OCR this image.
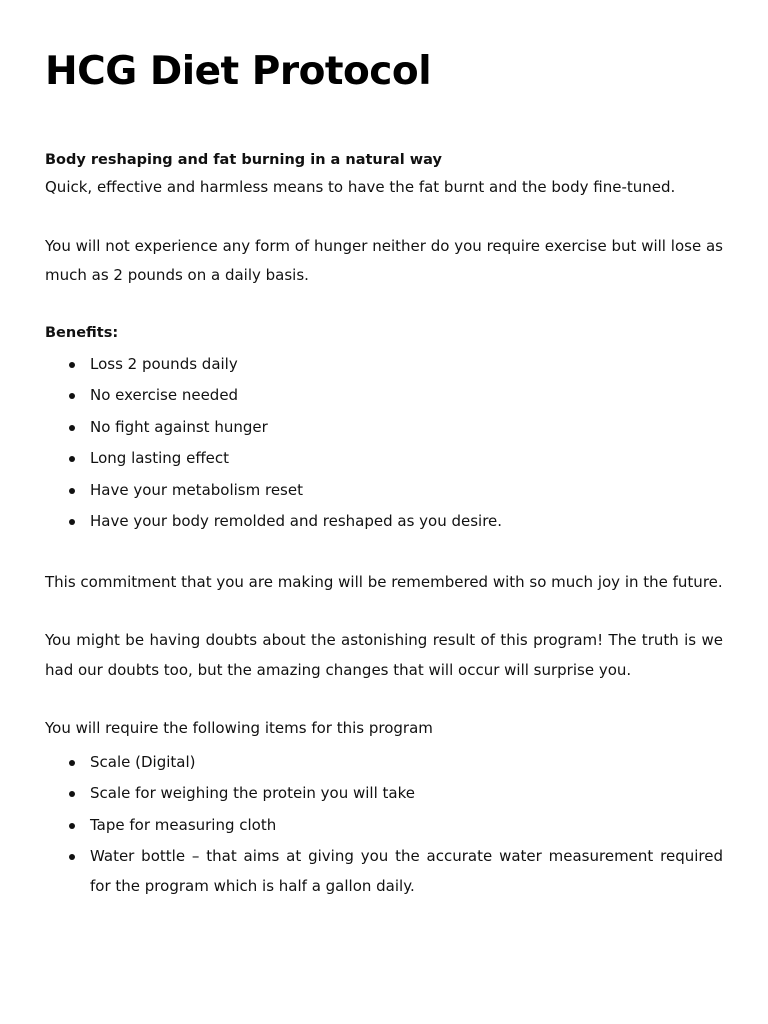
HCG Diet Protocol
Body reshaping and fat burning in a natural way

Quick, effective and harmless means to have the fat burnt and the body fine-tuned.

You will not experience any form of hunger neither do you require exercise but will lose as much as 2 pounds on a daily basis.

Benefits:
Loss 2 pounds daily
No exercise needed
No fight against hunger
Long lasting effect
Have your metabolism reset
Have your body remolded and reshaped as you desire.

This commitment that you are making will be remembered with so much joy in the future.

You might be having doubts about the astonishing result of this program! The truth is we had our doubts too, but the amazing changes that will occur will surprise you.

You will require the following items for this program

Scale (Digital)
Scale for weighing the protein you will take
Tape for measuring cloth
Water bottle – that aims at giving you the accurate water measurement required for the program which is half a gallon daily.
